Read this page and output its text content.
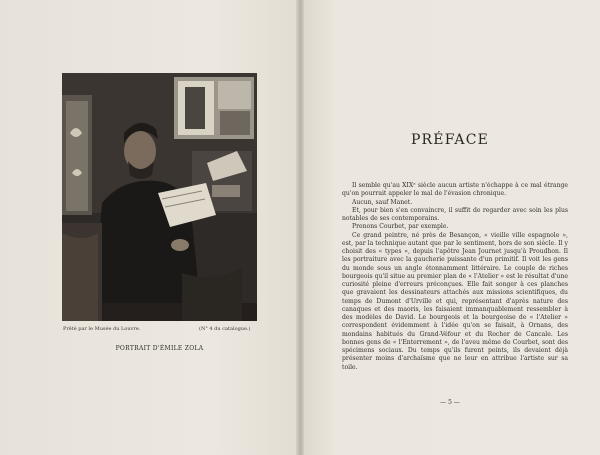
Prêté par le Musée du Louvre.	(N° 4 du catalogue.)
PORTRAIT D'ÉMILE ZOLA
PRÉFACE

Il semble qu'au XIXᵉ siècle aucun artiste n'échappe à ce mal étrange qu'on pourrait appeler le mal de l'évasion chronique.

Aucun, sauf Manet.

Et, pour bien s'en convaincre, il suffit de regarder avec soin les plus notables de ses contemporains.

Prenons Courbet, par exemple.

Ce grand peintre, né près de Besançon, « vieille ville espagnole », est, par la technique autant que par le sentiment, hors de son siècle. Il y choisit des « types », depuis l'apôtre Jean Journet jusqu'à Proudhon. Il les portraiture avec la gaucherie puissante d'un primitif. Il voit les gens du monde sous un angle étonnamment littéraire. Le couple de riches bourgeois qu'il situe au premier plan de « l'Atelier » est le résultat d'une curiosité pleine d'erreurs préconçues. Elle fait songer à ces planches que gravaient les dessinateurs attachés aux missions scientifiques, du temps de Dumont d'Urville et qui, représentant d'après nature des canaques et des maoris, les faisaient immanquablement ressembler à des modèles de David. Le bourgeois et la bourgeoise de « l'Atelier » correspondent évidemment à l'idée qu'on se faisait, à Ornans, des mondains habitués du Grand-Véfour et du Rocher de Cancale. Les bonnes gens de « l'Enterrement », de l'aveu même de Courbet, sont des spécimens sociaux. Du temps qu'ils furent peints, ils devaient déjà présenter moins d'archaïsme que ne leur en attribue l'artiste sur sa toile.

— 5 —
